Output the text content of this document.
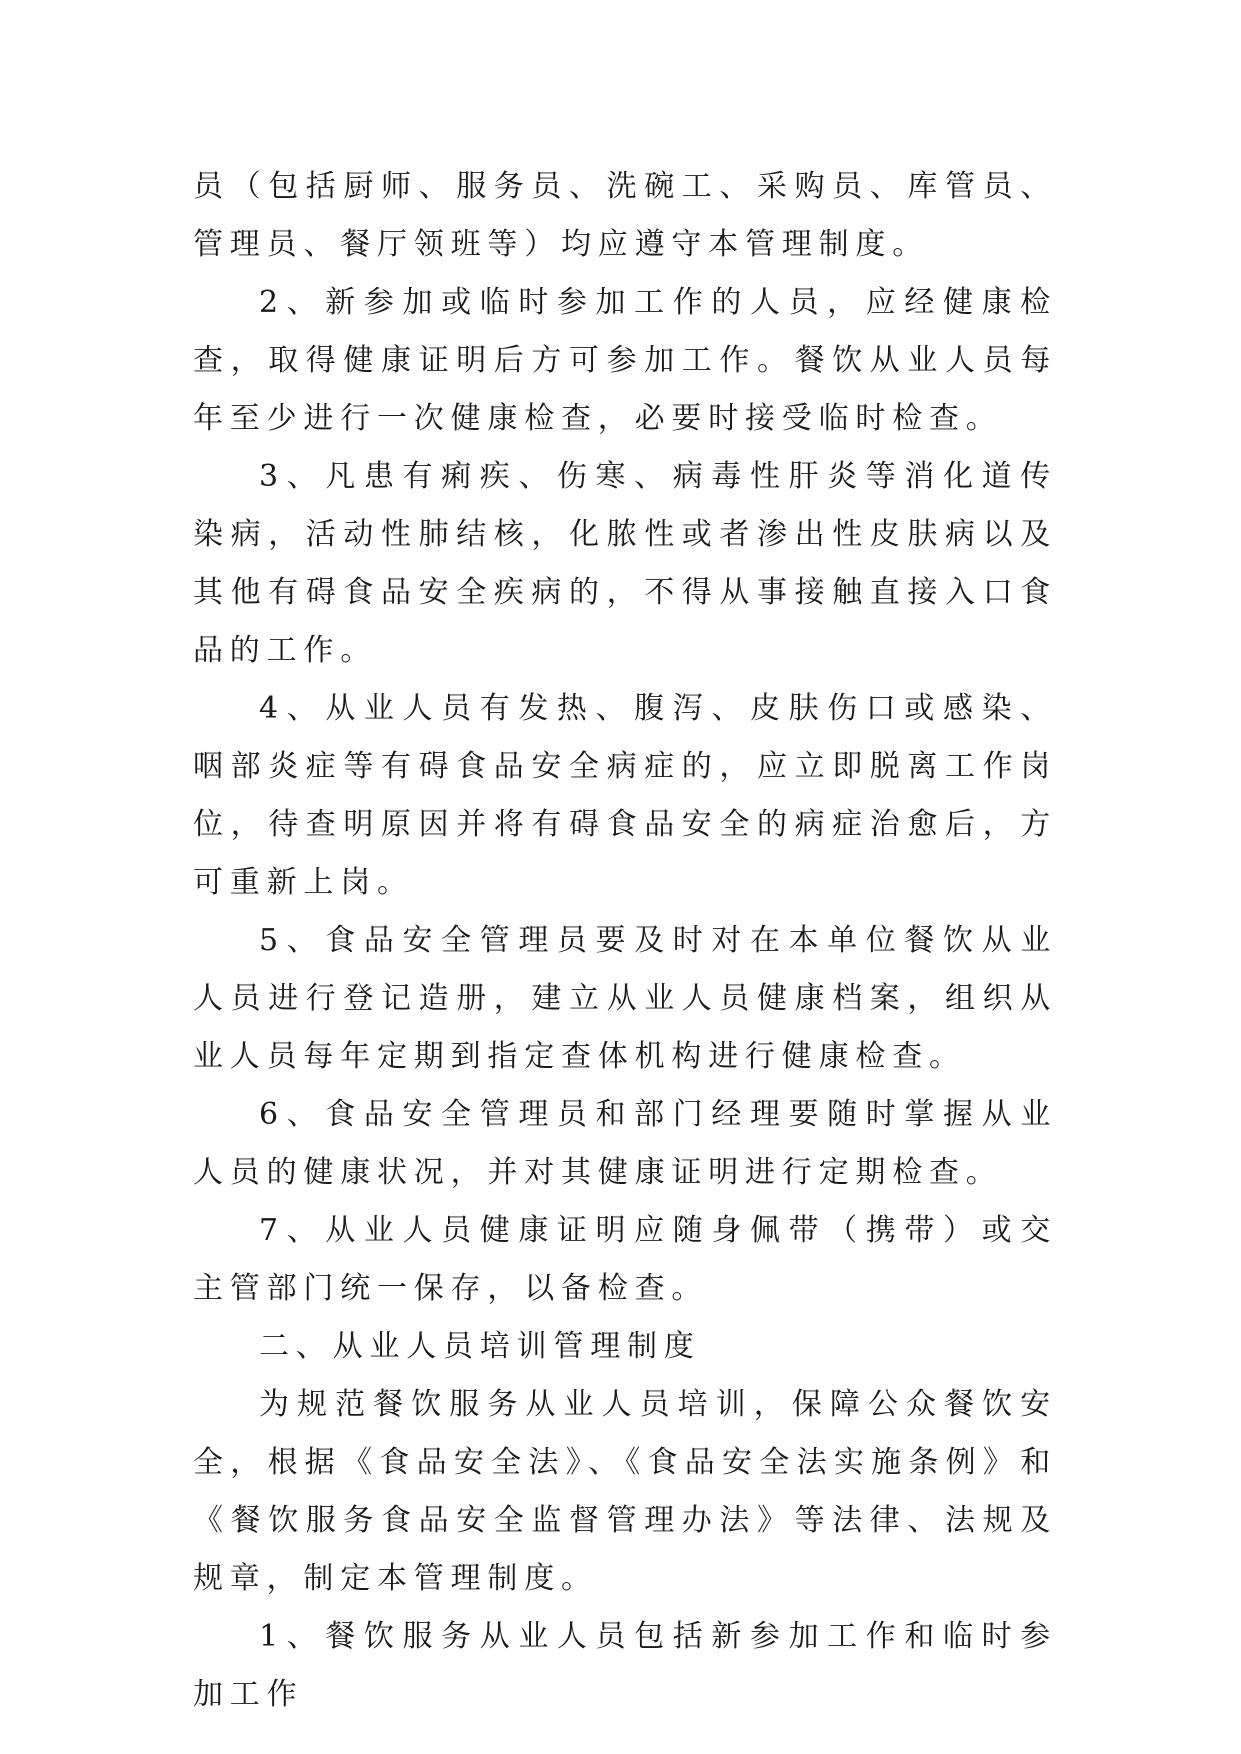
员（包括厨师、服务员、洗碗工、采购员、库管员、管理员、餐厅领班等）均应遵守本管理制度。

2、新参加或临时参加工作的人员，应经健康检查，取得健康证明后方可参加工作。餐饮从业人员每年至少进行一次健康检查，必要时接受临时检查。

3、凡患有痢疾、伤寒、病毒性肝炎等消化道传染病，活动性肺结核，化脓性或者渗出性皮肤病以及其他有碍食品安全疾病的，不得从事接触直接入口食品的工作。

4、从业人员有发热、腹泻、皮肤伤口或感染、咽部炎症等有碍食品安全病症的，应立即脱离工作岗位，待查明原因并将有碍食品安全的病症治愈后，方可重新上岗。

5、食品安全管理员要及时对在本单位餐饮从业人员进行登记造册，建立从业人员健康档案，组织从业人员每年定期到指定查体机构进行健康检查。

6、食品安全管理员和部门经理要随时掌握从业人员的健康状况，并对其健康证明进行定期检查。

7、从业人员健康证明应随身佩带（携带）或交主管部门统一保存，以备检查。

二、从业人员培训管理制度

为规范餐饮服务从业人员培训，保障公众餐饮安全，根据《食品安全法》、《食品安全法实施条例》和《餐饮服务食品安全监督管理办法》等法律、法规及规章，制定本管理制度。

1、餐饮服务从业人员包括新参加工作和临时参加工作
